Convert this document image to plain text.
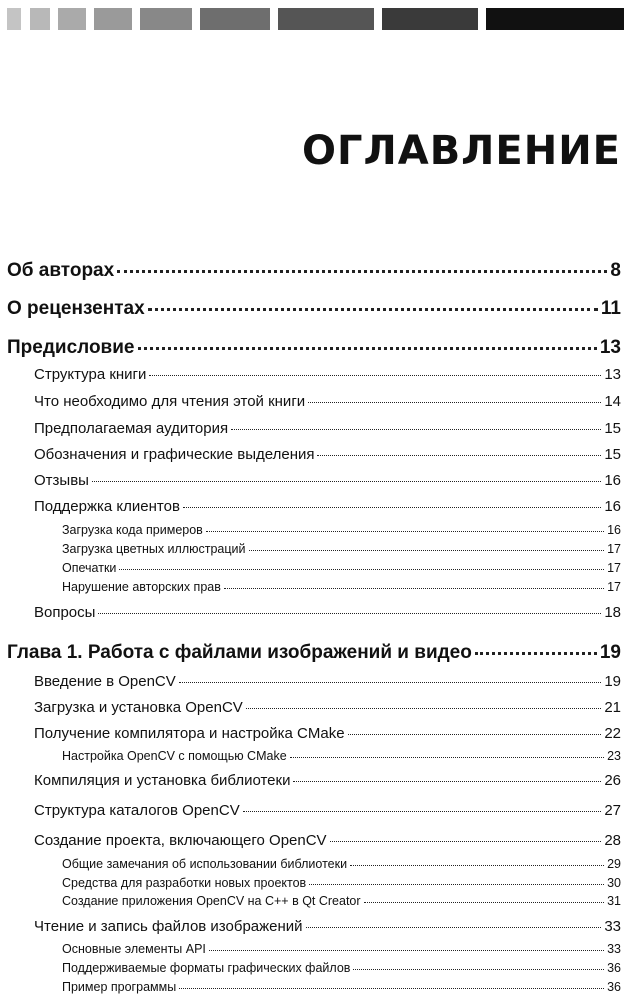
ОГЛАВЛЕНИЕ
Об авторах	8
О рецензентах	11
Предисловие	13
Структура книги	13
Что необходимо для чтения этой книги	14
Предполагаемая аудитория	15
Обозначения и графические выделения	15
Отзывы	16
Поддержка клиентов	16
Загрузка кода примеров	16
Загрузка цветных иллюстраций	17
Опечатки	17
Нарушение авторских прав	17
Вопросы	18
Глава 1. Работа с файлами изображений и видео	19
Введение в OpenCV	19
Загрузка и установка OpenCV	21
Получение компилятора и настройка CMake	22
Настройка OpenCV с помощью CMake	23
Компиляция и установка библиотеки	26
Структура каталогов OpenCV	27
Создание проекта, включающего OpenCV	28
Общие замечания об использовании библиотеки	29
Средства для разработки новых проектов	30
Создание приложения OpenCV на C++ в Qt Creator	31
Чтение и запись файлов изображений	33
Основные элементы API	33
Поддерживаемые форматы графических файлов	36
Пример программы	36
